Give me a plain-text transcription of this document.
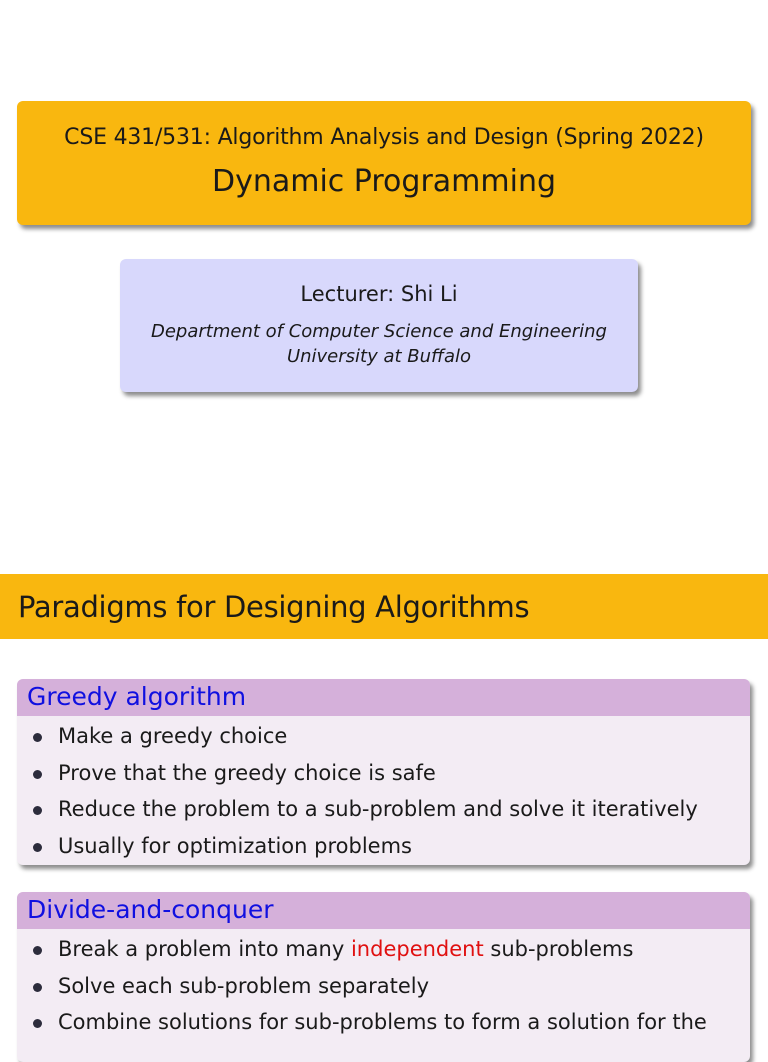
CSE 431/531: Algorithm Analysis and Design (Spring 2022)
Dynamic Programming
Lecturer: Shi Li
Department of Computer Science and Engineering
University at Buffalo
Paradigms for Designing Algorithms
Greedy algorithm
Make a greedy choice
Prove that the greedy choice is safe
Reduce the problem to a sub-problem and solve it iteratively
Usually for optimization problems
Divide-and-conquer
Break a problem into many independent sub-problems
Solve each sub-problem separately
Combine solutions for sub-problems to form a solution for the
